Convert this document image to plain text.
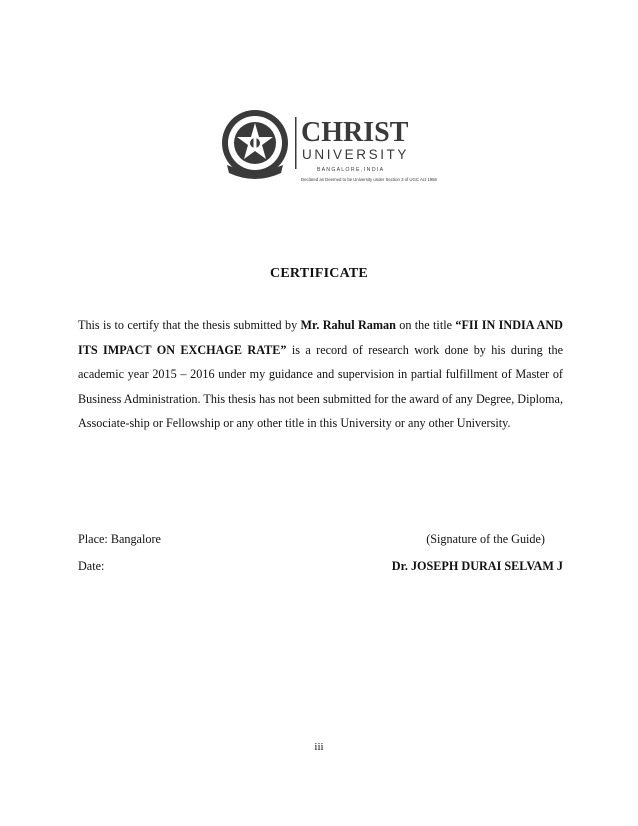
CHRIST
UNIVERSITY
B A N G A L O R E , I N D I A
Declared as Deemed to be University under Section 3 of UGC Act 1956
CERTIFICATE
This is to certify that the thesis submitted by Mr. Rahul Raman on the title “FII IN INDIA AND ITS IMPACT ON EXCHAGE RATE” is a record of research work done by his during the academic year 2015 – 2016 under my guidance and supervision in partial fulfillment of Master of Business Administration. This thesis has not been submitted for the award of any Degree, Diploma, Associate-ship or Fellowship or any other title in this University or any other University.
Place: Bangalore	(Signature of the Guide)
Date:	Dr. JOSEPH DURAI SELVAM J
iii
